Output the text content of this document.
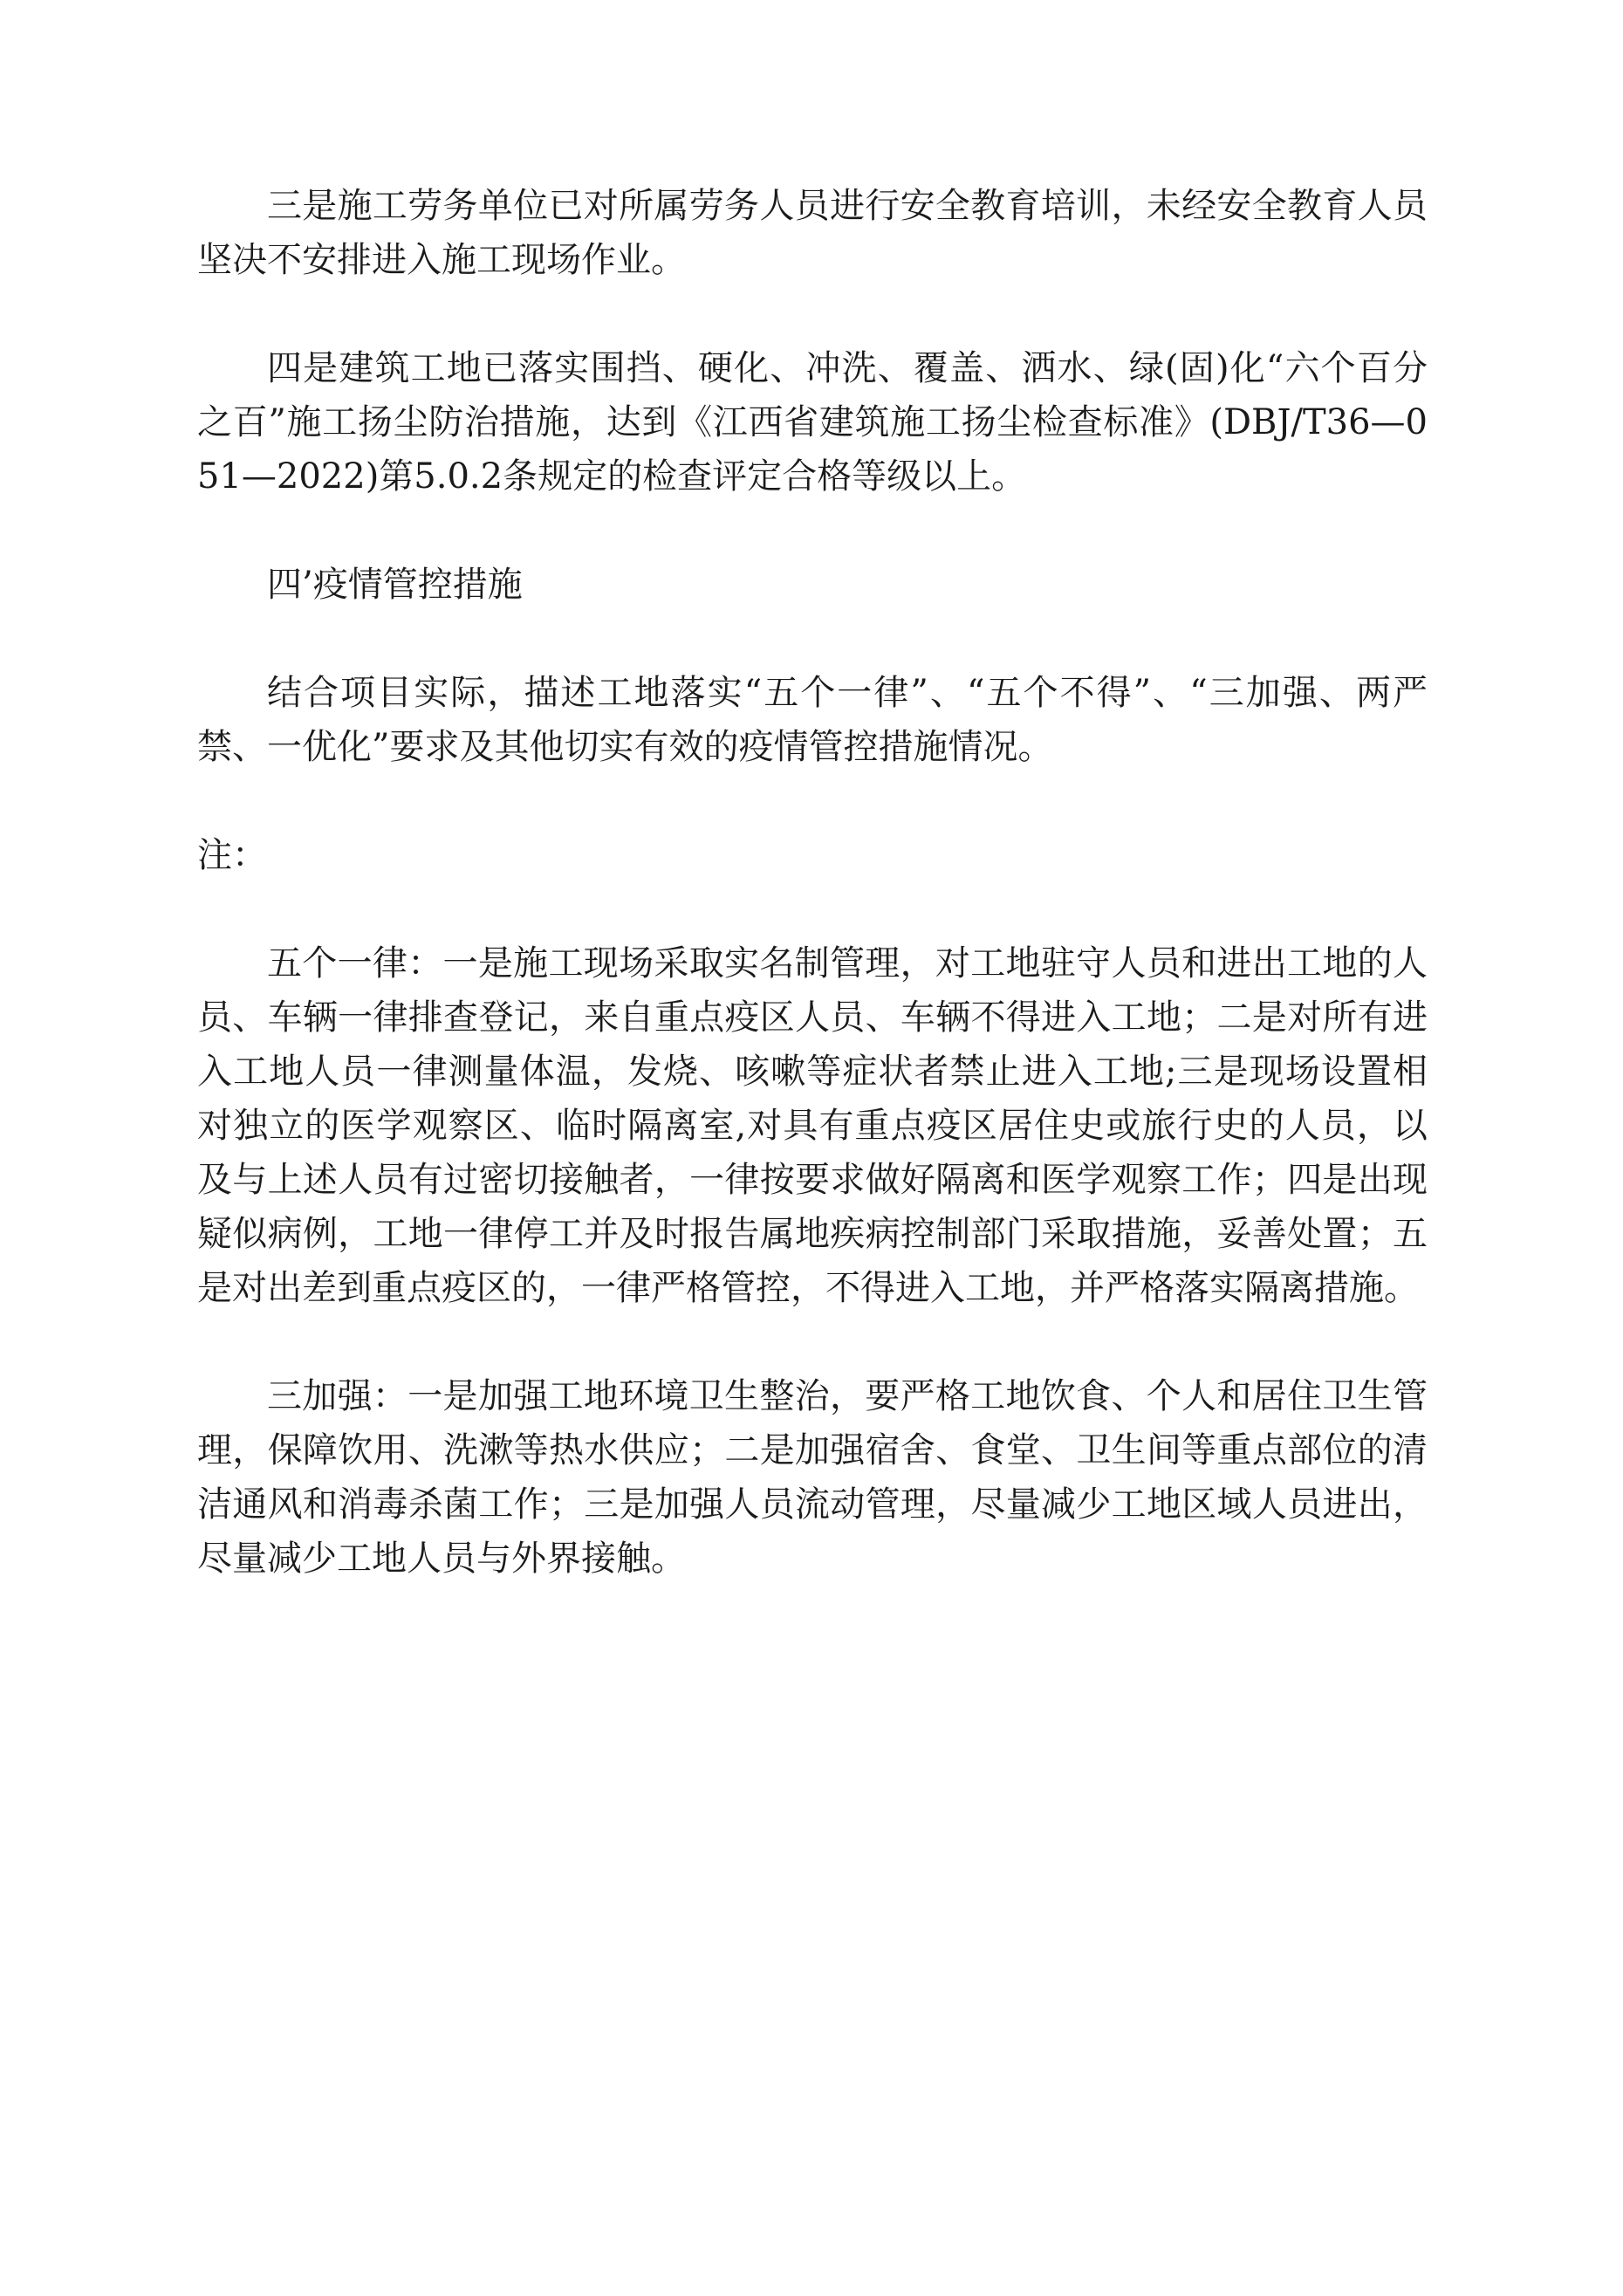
三是施工劳务单位已对所属劳务人员进行安全教育培训，未经安全教育人员坚决不安排进入施工现场作业。

四是建筑工地已落实围挡、硬化、冲洗、覆盖、洒水、绿(固)化“六个百分之百”施工扬尘防治措施，达到《江西省建筑施工扬尘检查标准》(DBJ/T36—051—2022)第5.0.2条规定的检查评定合格等级以上。

四’疫情管控措施

结合项目实际，描述工地落实“五个一律”、“五个不得”、“三加强、两严禁、一优化”要求及其他切实有效的疫情管控措施情况。

注：

五个一律：一是施工现场采取实名制管理，对工地驻守人员和进出工地的人员、车辆一律排查登记，来自重点疫区人员、车辆不得进入工地；二是对所有进入工地人员一律测量体温，发烧、咳嗽等症状者禁止进入工地;三是现场设置相对独立的医学观察区、临时隔离室,对具有重点疫区居住史或旅行史的人员，以及与上述人员有过密切接触者，一律按要求做好隔离和医学观察工作；四是出现疑似病例，工地一律停工并及时报告属地疾病控制部门采取措施，妥善处置；五是对出差到重点疫区的，一律严格管控，不得进入工地，并严格落实隔离措施。

三加强：一是加强工地环境卫生整治，要严格工地饮食、个人和居住卫生管理，保障饮用、洗漱等热水供应；二是加强宿舍、食堂、卫生间等重点部位的清洁通风和消毒杀菌工作；三是加强人员流动管理，尽量减少工地区域人员进出，尽量减少工地人员与外界接触。
